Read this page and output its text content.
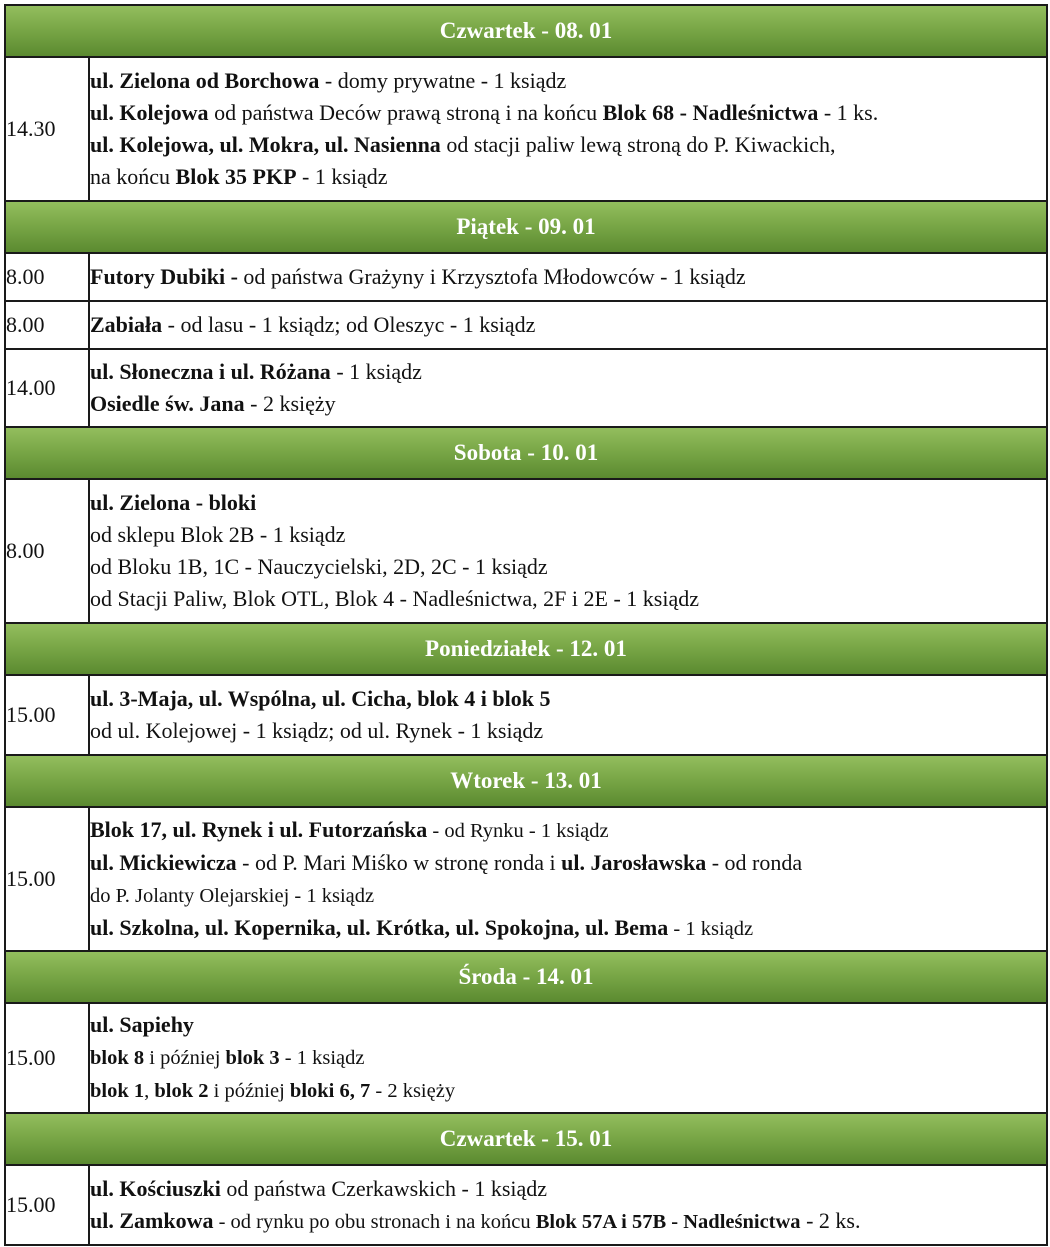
Czwartek - 08. 01	
14.30	ul. Zielona od Borchowa - domy prywatne - 1 ksiądz
ul. Kolejowa od państwa Deców prawą stroną i na końcu Blok 68 - Nadleśnictwa - 1 ks.
ul. Kolejowa, ul. Mokra, ul. Nasienna od stacji paliw lewą stroną do P. Kiwackich,
na końcu Blok 35 PKP - 1 ksiądz

Piątek - 09. 01	
8.00	Futory Dubiki - od państwa Grażyny i Krzysztofa Młodowców - 1 ksiądz

8.00	Zabiała - od lasu - 1 ksiądz; od Oleszyc - 1 ksiądz

14.00	ul. Słoneczna i ul. Różana - 1 ksiądz
Osiedle św. Jana - 2 księży

Sobota - 10. 01	
8.00	ul. Zielona - bloki
od sklepu Blok 2B - 1 ksiądz
od Bloku 1B, 1C - Nauczycielski, 2D, 2C - 1 ksiądz
od Stacji Paliw, Blok OTL, Blok 4 - Nadleśnictwa, 2F i 2E - 1 ksiądz

Poniedziałek - 12. 01	
15.00	ul. 3-Maja, ul. Wspólna, ul. Cicha, blok 4 i blok 5
od ul. Kolejowej - 1 ksiądz; od ul. Rynek - 1 ksiądz

Wtorek - 13. 01	
15.00	Blok 17, ul. Rynek i ul. Futorzańska - od Rynku - 1 ksiądz
ul. Mickiewicza - od P. Mari Miśko w stronę ronda i ul. Jarosławska - od ronda
do P. Jolanty Olejarskiej - 1 ksiądz
ul. Szkolna, ul. Kopernika, ul. Krótka, ul. Spokojna, ul. Bema - 1 ksiądz

Środa - 14. 01	
15.00	ul. Sapiehy
blok 8 i później blok 3 - 1 ksiądz
blok 1, blok 2 i później bloki 6, 7 - 2 księży

Czwartek - 15. 01	
15.00	ul. Kościuszki od państwa Czerkawskich - 1 ksiądz
ul. Zamkowa - od rynku po obu stronach i na końcu Blok 57A i 57B - Nadleśnictwa - 2 ks.
